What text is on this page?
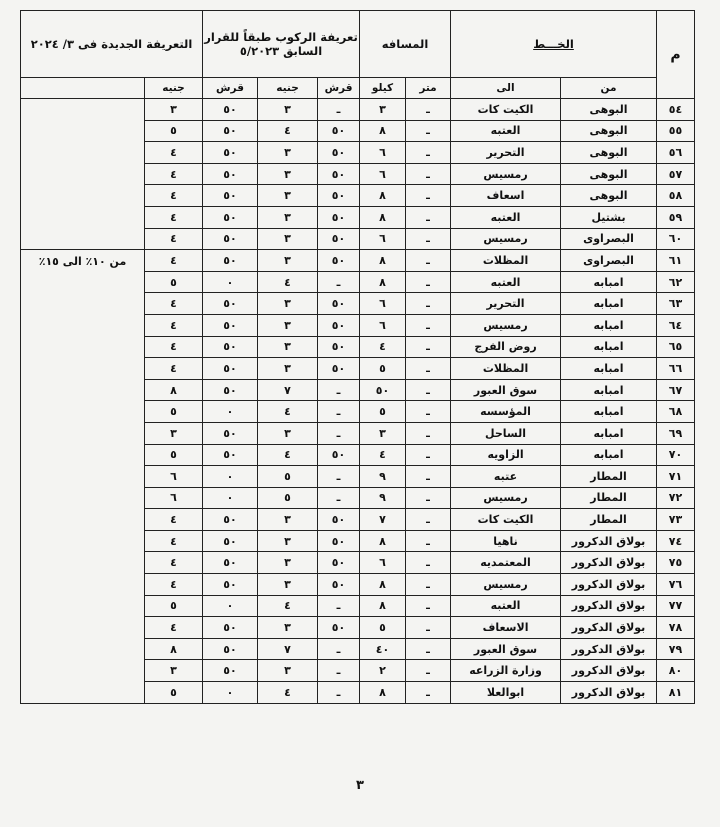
م	الخـــط		المسافه		تعريفة الركوب طبقاً للقرار السابق ٥/٢٠٢٣			التعريفة الجديدة فى ٣/ ٢٠٢٤	
	من	الى	متر	كيلو	قرش	جنيه	قرش	جنيه		
٥٤	البوهى	الكيت كات	ـ	٣	ـ	٣	٥٠	٣		
٥٥	البوهى	العتبه	ـ	٨	٥٠	٤	٥٠	٥		
٥٦	البوهى	التحرير	ـ	٦	٥٠	٣	٥٠	٤		
٥٧	البوهى	رمسيس	ـ	٦	٥٠	٣	٥٠	٤		
٥٨	البوهى	اسعاف	ـ	٨	٥٠	٣	٥٠	٤		
٥٩	بشتيل	العتبه	ـ	٨	٥٠	٣	٥٠	٤		
٦٠	البصراوى	رمسيس	ـ	٦	٥٠	٣	٥٠	٤		
٦١	البصراوى	المظلات	ـ	٨	٥٠	٣	٥٠	٤	من ١٠٪ الى ١٥٪	
٦٢	امبابه	العتبه	ـ	٨	ـ	٤	٠	٥		
٦٣	امبابه	التحرير	ـ	٦	٥٠	٣	٥٠	٤		
٦٤	امبابه	رمسيس	ـ	٦	٥٠	٣	٥٠	٤		
٦٥	امبابه	روض الفرج	ـ	٤	٥٠	٣	٥٠	٤		
٦٦	امبابه	المظلات	ـ	٥	٥٠	٣	٥٠	٤		
٦٧	امبابه	سوق العبور	ـ	٥٠	ـ	٧	٥٠	٨		
٦٨	امبابه	المؤسسه	ـ	٥	ـ	٤	٠	٥		
٦٩	امبابه	الساحل	ـ	٣	ـ	٣	٥٠	٣		
٧٠	امبابه	الزاويه	ـ	٤	٥٠	٤	٥٠	٥		
٧١	المطار	عتبه	ـ	٩	ـ	٥	٠	٦		
٧٢	المطار	رمسيس	ـ	٩	ـ	٥	٠	٦		
٧٣	المطار	الكيت كات	ـ	٧	٥٠	٣	٥٠	٤		
٧٤	بولاق الدكرور	ناهيا	ـ	٨	٥٠	٣	٥٠	٤		
٧٥	بولاق الدكرور	المعتمديه	ـ	٦	٥٠	٣	٥٠	٤		
٧٦	بولاق الدكرور	رمسيس	ـ	٨	٥٠	٣	٥٠	٤		
٧٧	بولاق الدكرور	العتبه	ـ	٨	ـ	٤	٠	٥		
٧٨	بولاق الدكرور	الاسعاف	ـ	٥	٥٠	٣	٥٠	٤		
٧٩	بولاق الدكرور	سوق العبور	ـ	٤٠	ـ	٧	٥٠	٨		
٨٠	بولاق الدكرور	وزارة الزراعه	ـ	٢	ـ	٣	٥٠	٣		
٨١	بولاق الدكرور	ابوالعلا	ـ	٨	ـ	٤	٠	٥		
٣
